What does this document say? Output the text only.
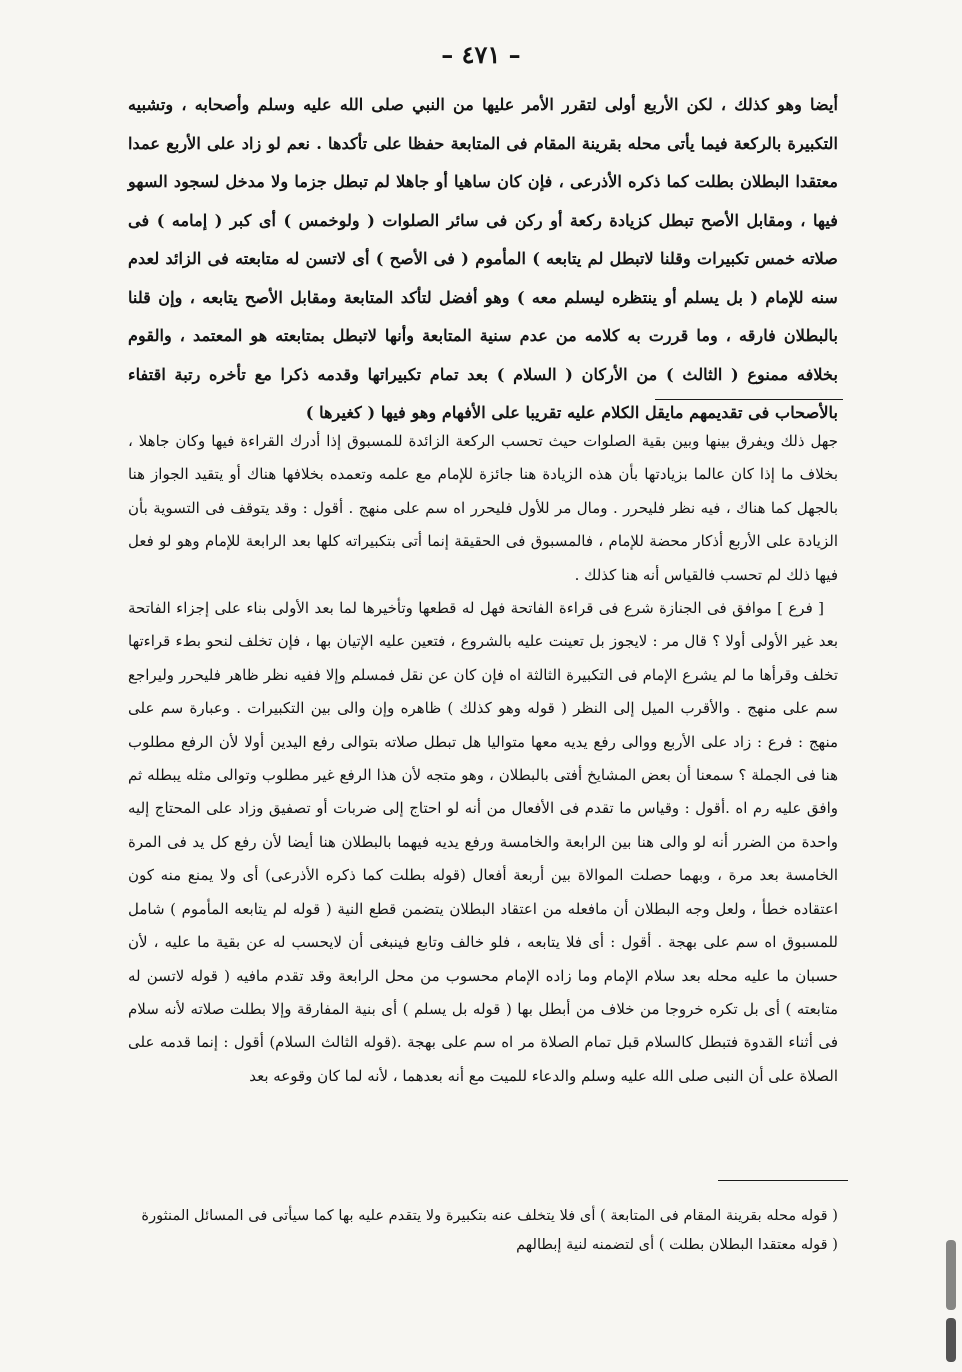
– ٤٧١ –

أيضا وهو كذلك ، لكن الأربع أولى لتقرر الأمر عليها من النبي صلى الله عليه وسلم وأصحابه ، وتشبيه التكبيرة بالركعة فيما يأتى محله بقرينة المقام فى المتابعة حفظا على تأكدها . نعم لو زاد على الأربع عمدا معتقدا البطلان بطلت كما ذكره الأذرعى ، فإن كان ساهيا أو جاهلا لم تبطل جزما ولا مدخل لسجود السهو فيها ، ومقابل الأصح تبطل كزيادة ركعة أو ركن فى سائر الصلوات ( ولوخمس ) أى كبر ( إمامه ) فى صلاته خمس تكبيرات وقلنا لاتبطل لم يتابعه ) المأموم ( فى الأصح ) أى لاتسن له متابعته فى الزائد لعدم سنه للإمام ( بل يسلم أو ينتظره ليسلم معه ) وهو أفضل لتأكد المتابعة ومقابل الأصح يتابعه ، وإن قلنا بالبطلان فارقه ، وما قررت به كلامه من عدم سنية المتابعة وأنها لاتبطل بمتابعته هو المعتمد ، والقوم بخلافه ممنوع ( الثالث ) من الأركان ( السلام ) بعد تمام تكبيراتها وقدمه ذكرا مع تأخره رتبة اقتفاء بالأصحاب فى تقديمهم مايقل الكلام عليه تقريبا على الأفهام وهو فيها ( كغيرها )

جهل ذلك ويفرق بينها وبين بقية الصلوات حيث تحسب الركعة الزائدة للمسبوق إذا أدرك القراءة فيها وكان جاهلا ، بخلاف ما إذا كان عالما بزيادتها بأن هذه الزيادة هنا جائزة للإمام مع علمه وتعمده بخلافها هناك أو يتقيد الجواز هنا بالجهل كما هناك ، فيه نظر فليحرر . ومال مر للأول فليحرر اه سم على منهج . أقول : وقد يتوقف فى التسوية بأن الزيادة على الأربع أذكار محضة للإمام ، فالمسبوق فى الحقيقة إنما أتى بتكبيراته كلها بعد الرابعة للإمام وهو لو فعل فيها ذلك لم تحسب فالقياس أنه هنا كذلك .

[ فرع ] موافق فى الجنازة شرع فى قراءة الفاتحة فهل له قطعها وتأخيرها لما بعد الأولى بناء على إجزاء الفاتحة بعد غير الأولى أولا ؟ قال مر : لايجوز بل تعينت عليه بالشروع ، فتعين عليه الإتيان بها ، فإن تخلف لنحو بطء قراءتها تخلف وقرأها ما لم يشرع الإمام فى التكبيرة الثالثة اه فإن كان عن نقل فمسلم وإلا ففيه نظر ظاهر فليحرر وليراجع سم على منهج . والأقرب الميل إلى النظر ( قوله وهو كذلك ) ظاهره وإن والى بين التكبيرات . وعبارة سم على منهج : فرع : زاد على الأربع ووالى رفع يديه معها متواليا هل تبطل صلاته بتوالى رفع اليدين أولا لأن الرفع مطلوب هنا فى الجملة ؟ سمعنا أن بعض المشايخ أفتى بالبطلان ، وهو متجه لأن هذا الرفع غير مطلوب وتوالى مثله يبطله ثم وافق عليه رم اه .أقول : وقياس ما تقدم فى الأفعال من أنه لو احتاج إلى ضربات أو تصفيق وزاد على المحتاج إليه واحدة من الضرر أنه لو والى هنا بين الرابعة والخامسة ورفع يديه فيهما بالبطلان هنا أيضا لأن رفع كل يد فى المرة الخامسة بعد مرة ، وبهما حصلت الموالاة بين أربعة أفعال (قوله بطلت كما ذكره الأذرعى) أى ولا يمنع منه كون اعتقاده خطأ ، ولعل وجه البطلان أن مافعله من اعتقاد البطلان يتضمن قطع النية ( قوله لم يتابعه المأموم ) شامل للمسبوق اه سم على بهجة . أقول : أى فلا يتابعه ، فلو خالف وتابع فينبغى أن لايحسب له عن بقية ما عليه ، لأن حسبان ما عليه محله بعد سلام الإمام وما زاده الإمام محسوب من محل الرابعة وقد تقدم مافيه ( قوله لاتسن له متابعته ) أى بل تكره خروجا من خلاف من أبطل بها ( قوله بل يسلم ) أى بنية المفارقة وإلا بطلت صلاته لأنه سلام فى أثناء القدوة فتبطل كالسلام قبل تمام الصلاة مر اه سم على بهجة .(قوله الثالث السلام) أقول : إنما قدمه على الصلاة على أن النبى صلى الله عليه وسلم والدعاء للميت مع أنه بعدهما ، لأنه لما كان وقوعه بعد

( قوله محله بقرينة المقام فى المتابعة ) أى فلا يتخلف عنه بتكبيرة ولا يتقدم عليه بها كما سيأتى فى المسائل المنثورة

( قوله معتقدا البطلان بطلت ) أى لتضمنه لنية إبطالهم
